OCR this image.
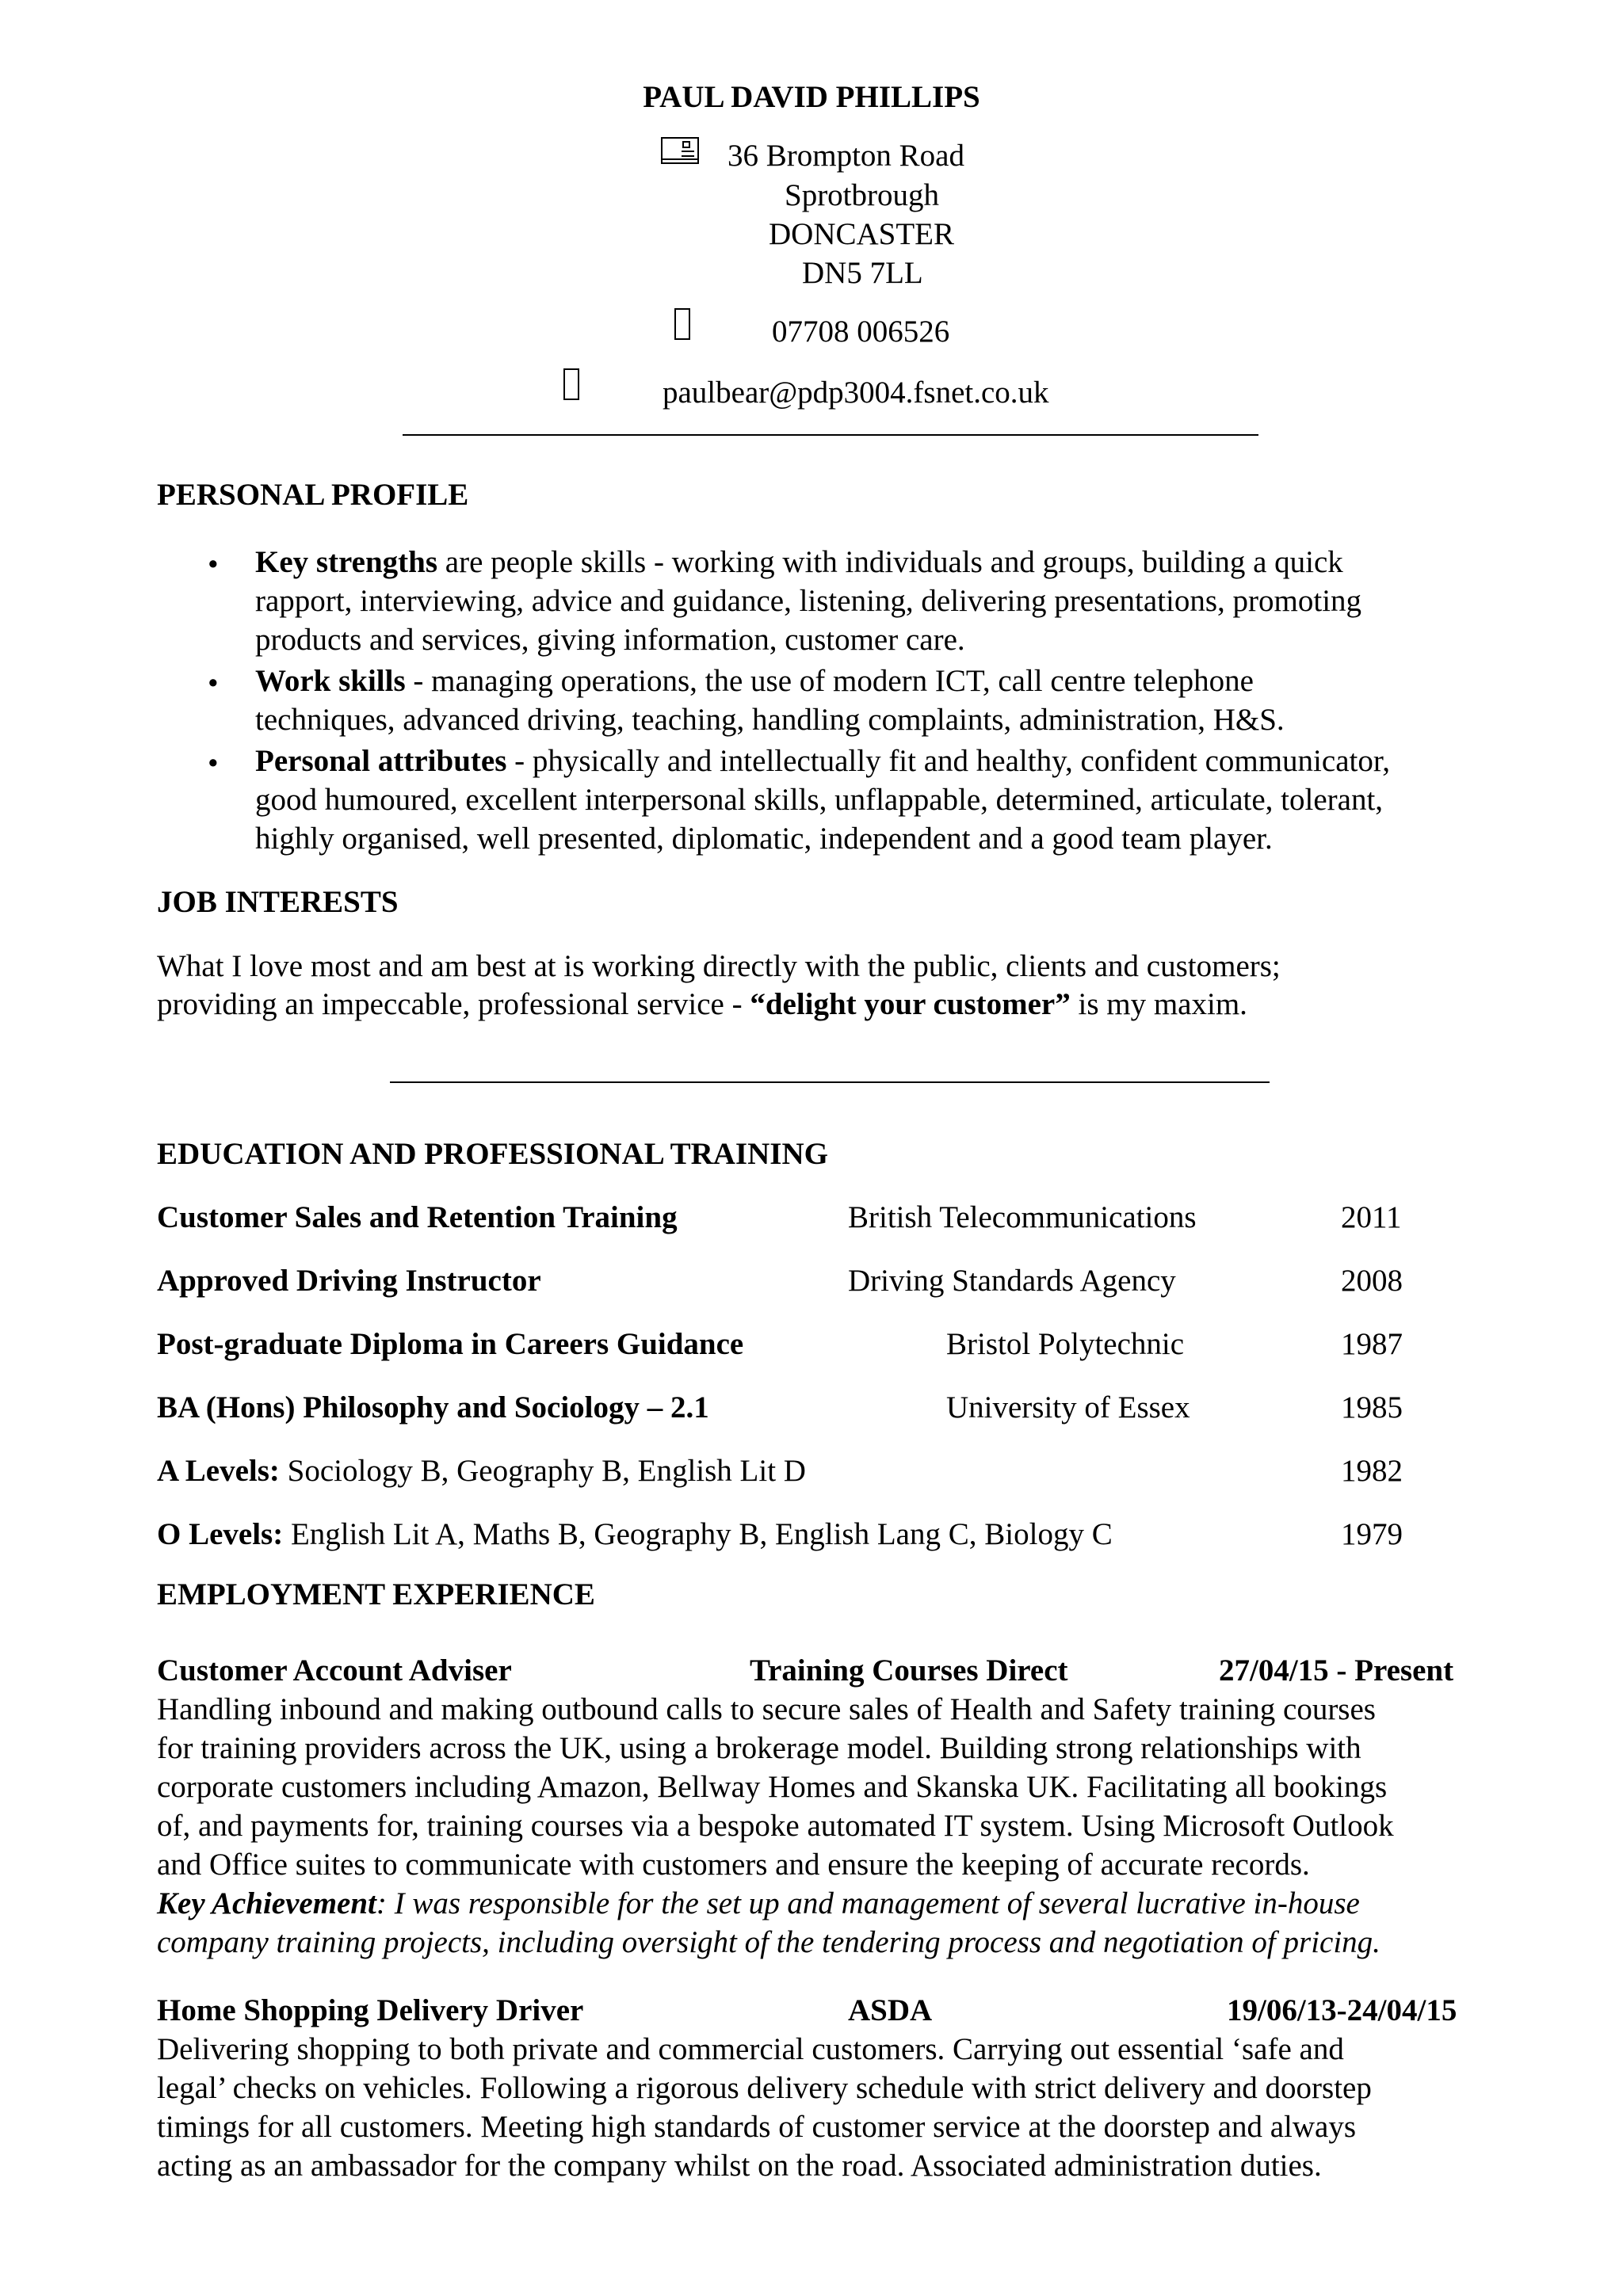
PAUL DAVID PHILLIPS
36 Brompton Road
Sprotbrough
DONCASTER
DN5 7LL
07708 006526
paulbear@pdp3004.fsnet.co.uk
PERSONAL PROFILE
• Key strengths are people skills - working with individuals and groups, building a quick
rapport, interviewing, advice and guidance, listening, delivering presentations, promoting
products and services, giving information, customer care.
• Work skills - managing operations, the use of modern ICT, call centre telephone
techniques, advanced driving, teaching, handling complaints, administration, H&S.
• Personal attributes - physically and intellectually fit and healthy, confident communicator,
good humoured, excellent interpersonal skills, unflappable, determined, articulate, tolerant,
highly organised, well presented, diplomatic, independent and a good team player.
JOB INTERESTS
What I love most and am best at is working directly with the public, clients and customers;
providing an impeccable, professional service - “delight your customer” is my maxim.
EDUCATION AND PROFESSIONAL TRAINING
Customer Sales and Retention Training	British Telecommunications	2011
Approved Driving Instructor	Driving Standards Agency	2008
Post-graduate Diploma in Careers Guidance	Bristol Polytechnic	1987
BA (Hons) Philosophy and Sociology – 2.1	University of Essex	1985
A Levels: Sociology B, Geography B, English Lit D	1982
O Levels: English Lit A, Maths B, Geography B, English Lang C, Biology C	1979
EMPLOYMENT EXPERIENCE
Customer Account Adviser	Training Courses Direct	27/04/15 - Present
Handling inbound and making outbound calls to secure sales of Health and Safety training courses
for training providers across the UK, using a brokerage model. Building strong relationships with
corporate customers including Amazon, Bellway Homes and Skanska UK. Facilitating all bookings
of, and payments for, training courses via a bespoke automated IT system. Using Microsoft Outlook
and Office suites to communicate with customers and ensure the keeping of accurate records.
Key Achievement: I was responsible for the set up and management of several lucrative in-house
company training projects, including oversight of the tendering process and negotiation of pricing.
Home Shopping Delivery Driver	ASDA	19/06/13-24/04/15
Delivering shopping to both private and commercial customers. Carrying out essential ‘safe and
legal’ checks on vehicles. Following a rigorous delivery schedule with strict delivery and doorstep
timings for all customers. Meeting high standards of customer service at the doorstep and always
acting as an ambassador for the company whilst on the road. Associated administration duties.
